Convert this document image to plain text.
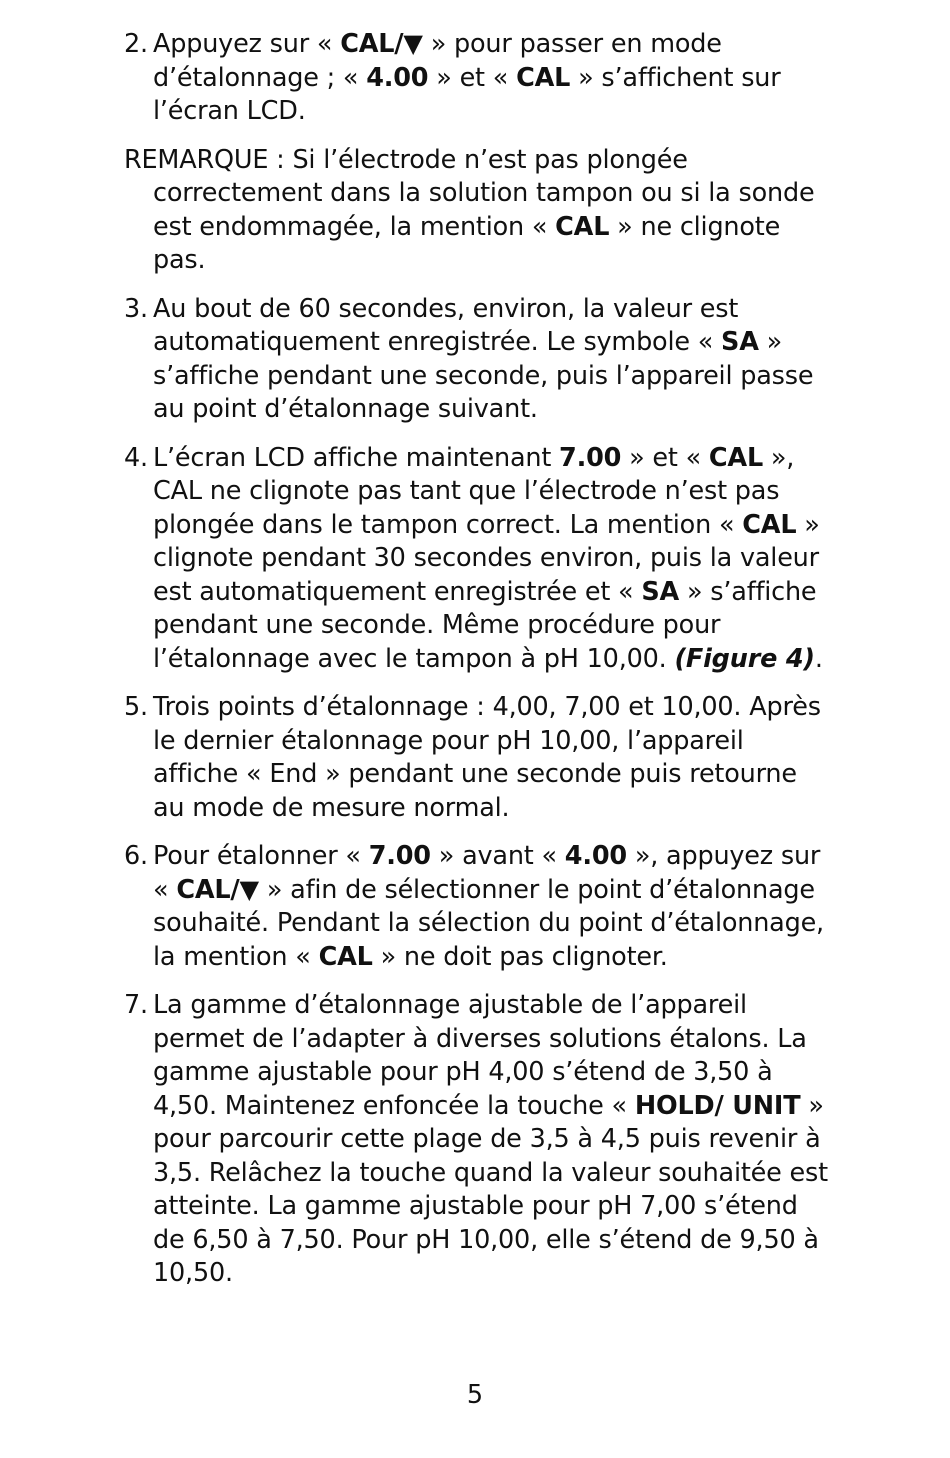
2. Appuyez sur « CAL/▼ » pour passer en mode d’étalonnage ; « 4.00 » et « CAL » s’affichent sur l’écran LCD.

REMARQUE : Si l’électrode n’est pas plongée correctement dans la solution tampon ou si la sonde est endommagée, la mention « CAL » ne clignote pas.

3. Au bout de 60 secondes, environ, la valeur est automatiquement enregistrée. Le symbole « SA » s’affiche pendant une seconde, puis l’appareil passe au point d’étalonnage suivant.
4. L’écran LCD affiche maintenant 7.00 » et « CAL », CAL ne clignote pas tant que l’électrode n’est pas plongée dans le tampon correct. La mention « CAL » clignote pendant 30 secondes environ, puis la valeur est automatiquement enregistrée et « SA » s’affiche pendant une seconde. Même procédure pour l’étalonnage avec le tampon à pH 10,00. (Figure 4).
5. Trois points d’étalonnage : 4,00, 7,00 et 10,00. Après le dernier étalonnage pour pH 10,00, l’appareil affiche « End » pendant une seconde puis retourne au mode de mesure normal.
6. Pour étalonner « 7.00 » avant « 4.00 », appuyez sur « CAL/▼ » afin de sélectionner le point d’étalonnage souhaité. Pendant la sélection du point d’étalonnage, la mention « CAL » ne doit pas clignoter.
7. La gamme d’étalonnage ajustable de l’appareil permet de l’adapter à diverses solutions étalons. La gamme ajustable pour pH 4,00 s’étend de 3,50 à 4,50. Maintenez enfoncée la touche « HOLD/ UNIT » pour parcourir cette plage de 3,5 à 4,5 puis revenir à 3,5. Relâchez la touche quand la valeur souhaitée est atteinte. La gamme ajustable pour pH 7,00 s’étend de 6,50 à 7,50. Pour pH 10,00, elle s’étend de 9,50 à 10,50.
5
